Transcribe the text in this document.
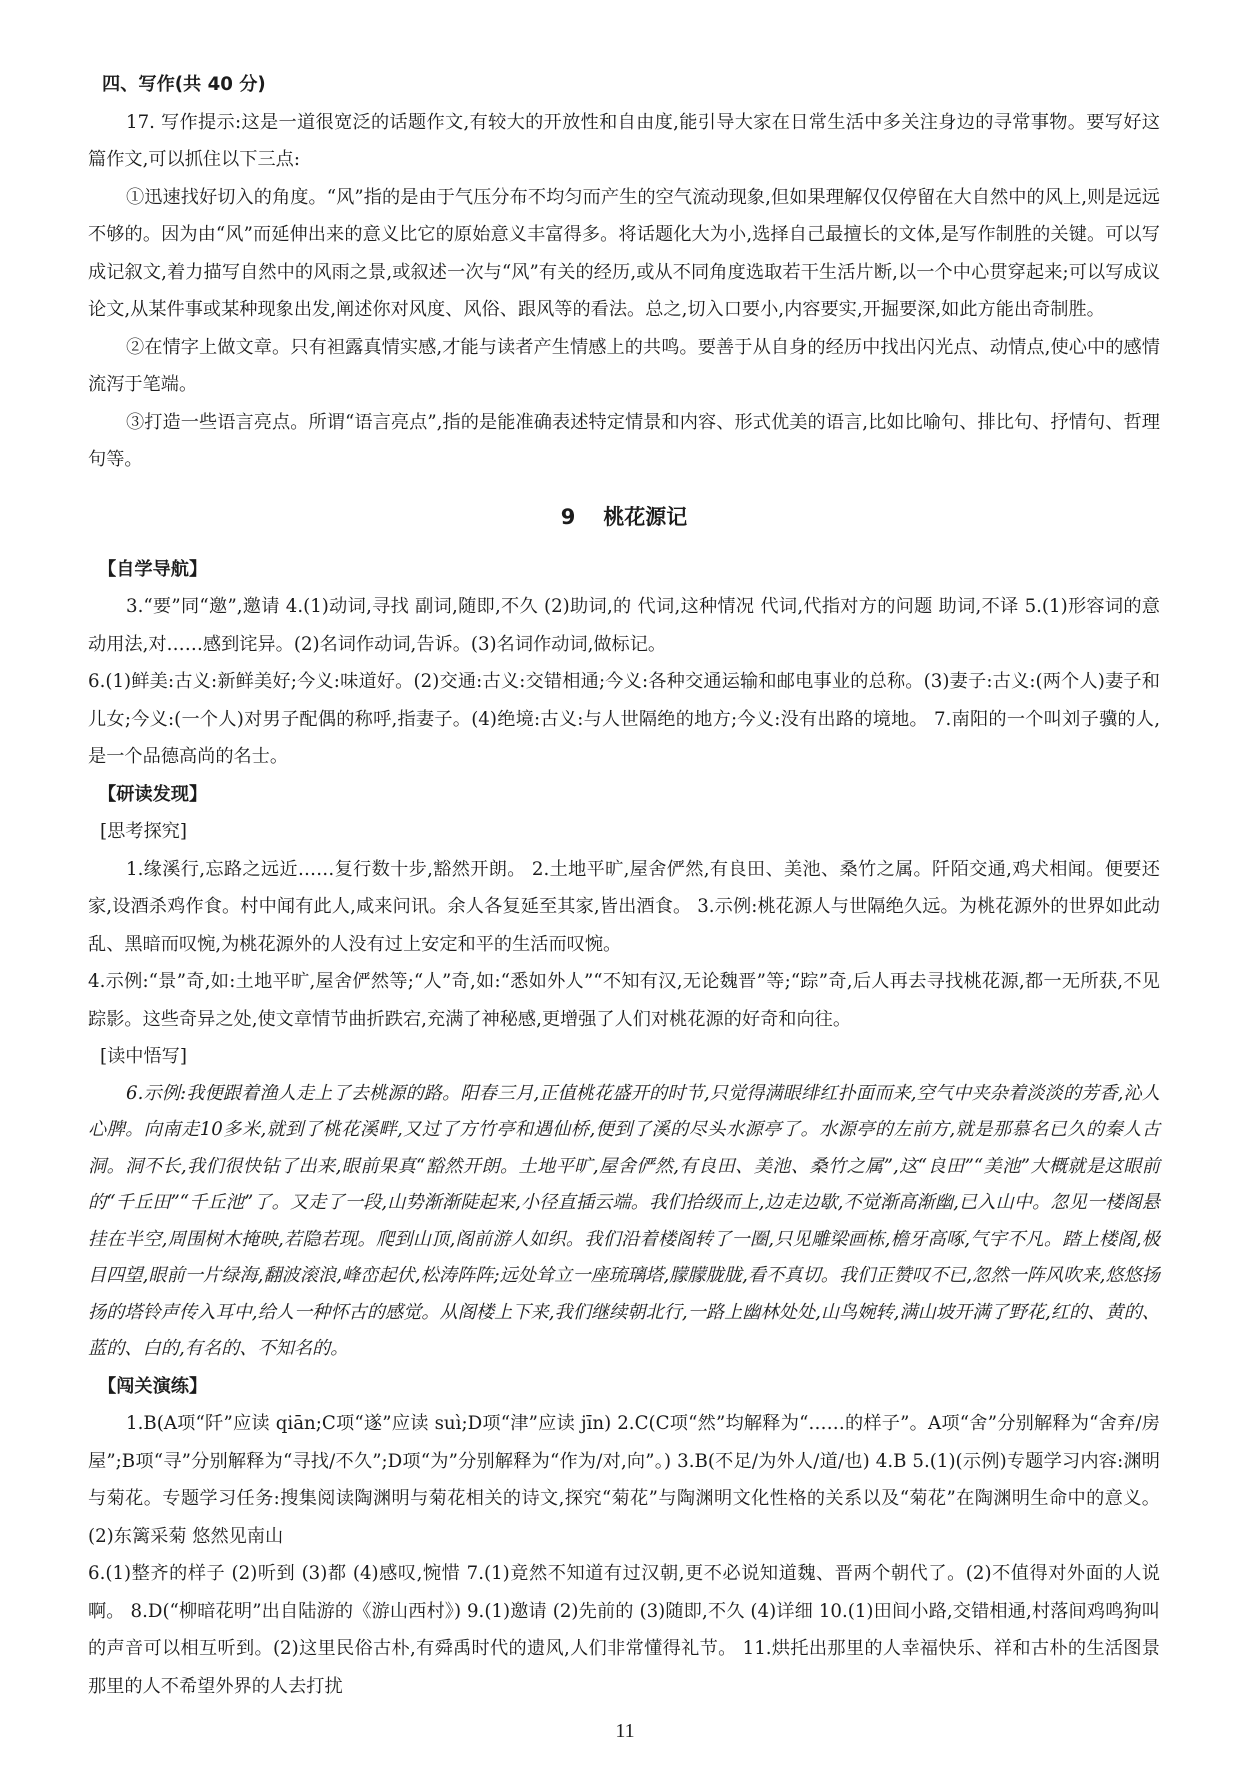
四、写作(共 40 分)

17. 写作提示:这是一道很宽泛的话题作文,有较大的开放性和自由度,能引导大家在日常生活中多关注身边的寻常事物。要写好这篇作文,可以抓住以下三点:

①迅速找好切入的角度。“风”指的是由于气压分布不均匀而产生的空气流动现象,但如果理解仅仅停留在大自然中的风上,则是远远不够的。因为由“风”而延伸出来的意义比它的原始意义丰富得多。将话题化大为小,选择自己最擅长的文体,是写作制胜的关键。可以写成记叙文,着力描写自然中的风雨之景,或叙述一次与“风”有关的经历,或从不同角度选取若干生活片断,以一个中心贯穿起来;可以写成议论文,从某件事或某种现象出发,阐述你对风度、风俗、跟风等的看法。总之,切入口要小,内容要实,开掘要深,如此方能出奇制胜。

②在情字上做文章。只有袒露真情实感,才能与读者产生情感上的共鸣。要善于从自身的经历中找出闪光点、动情点,使心中的感情流泻于笔端。

③打造一些语言亮点。所谓“语言亮点”,指的是能准确表述特定情景和内容、形式优美的语言,比如比喻句、排比句、抒情句、哲理句等。

9 桃花源记

【自学导航】

3.“要”同“邀”,邀请 4.(1)动词,寻找 副词,随即,不久 (2)助词,的 代词,这种情况 代词,代指对方的问题 助词,不译 5.(1)形容词的意动用法,对……感到诧异。(2)名词作动词,告诉。(3)名词作动词,做标记。

6.(1)鲜美:古义:新鲜美好;今义:味道好。(2)交通:古义:交错相通;今义:各种交通运输和邮电事业的总称。(3)妻子:古义:(两个人)妻子和儿女;今义:(一个人)对男子配偶的称呼,指妻子。(4)绝境:古义:与人世隔绝的地方;今义:没有出路的境地。 7.南阳的一个叫刘子骥的人,是一个品德高尚的名士。

【研读发现】

[思考探究]

1.缘溪行,忘路之远近……复行数十步,豁然开朗。 2.土地平旷,屋舍俨然,有良田、美池、桑竹之属。阡陌交通,鸡犬相闻。便要还家,设酒杀鸡作食。村中闻有此人,咸来问讯。余人各复延至其家,皆出酒食。 3.示例:桃花源人与世隔绝久远。为桃花源外的世界如此动乱、黑暗而叹惋,为桃花源外的人没有过上安定和平的生活而叹惋。

4.示例:“景”奇,如:土地平旷,屋舍俨然等;“人”奇,如:“悉如外人”“不知有汉,无论魏晋”等;“踪”奇,后人再去寻找桃花源,都一无所获,不见踪影。这些奇异之处,使文章情节曲折跌宕,充满了神秘感,更增强了人们对桃花源的好奇和向往。

[读中悟写]

6.示例:我便跟着渔人走上了去桃源的路。阳春三月,正值桃花盛开的时节,只觉得满眼绯红扑面而来,空气中夹杂着淡淡的芳香,沁人心脾。向南走10多米,就到了桃花溪畔,又过了方竹亭和遇仙桥,便到了溪的尽头水源亭了。水源亭的左前方,就是那慕名已久的秦人古洞。洞不长,我们很快钻了出来,眼前果真“豁然开朗。土地平旷,屋舍俨然,有良田、美池、桑竹之属”,这“良田”“美池”大概就是这眼前的“千丘田”“千丘池”了。又走了一段,山势渐渐陡起来,小径直插云端。我们拾级而上,边走边歇,不觉渐高渐幽,已入山中。忽见一楼阁悬挂在半空,周围树木掩映,若隐若现。爬到山顶,阁前游人如织。我们沿着楼阁转了一圈,只见雕梁画栋,檐牙高啄,气宇不凡。踏上楼阁,极目四望,眼前一片绿海,翻波滚浪,峰峦起伏,松涛阵阵;远处耸立一座琉璃塔,朦朦胧胧,看不真切。我们正赞叹不已,忽然一阵风吹来,悠悠扬扬的塔铃声传入耳中,给人一种怀古的感觉。从阁楼上下来,我们继续朝北行,一路上幽林处处,山鸟婉转,满山坡开满了野花,红的、黄的、蓝的、白的,有名的、不知名的。

【闯关演练】

1.B(A项“阡”应读 qiān;C项“遂”应读 suì;D项“津”应读 jīn) 2.C(C项“然”均解释为“……的样子”。A项“舍”分别解释为“舍弃/房屋”;B项“寻”分别解释为“寻找/不久”;D项“为”分别解释为“作为/对,向”。) 3.B(不足/为外人/道/也) 4.B 5.(1)(示例)专题学习内容:渊明与菊花。专题学习任务:搜集阅读陶渊明与菊花相关的诗文,探究“菊花”与陶渊明文化性格的关系以及“菊花”在陶渊明生命中的意义。(2)东篱采菊 悠然见南山

6.(1)整齐的样子 (2)听到 (3)都 (4)感叹,惋惜 7.(1)竟然不知道有过汉朝,更不必说知道魏、晋两个朝代了。(2)不值得对外面的人说啊。 8.D(“柳暗花明”出自陆游的《游山西村》) 9.(1)邀请 (2)先前的 (3)随即,不久 (4)详细 10.(1)田间小路,交错相通,村落间鸡鸣狗叫的声音可以相互听到。(2)这里民俗古朴,有舜禹时代的遗风,人们非常懂得礼节。 11.烘托出那里的人幸福快乐、祥和古朴的生活图景 那里的人不希望外界的人去打扰

11
